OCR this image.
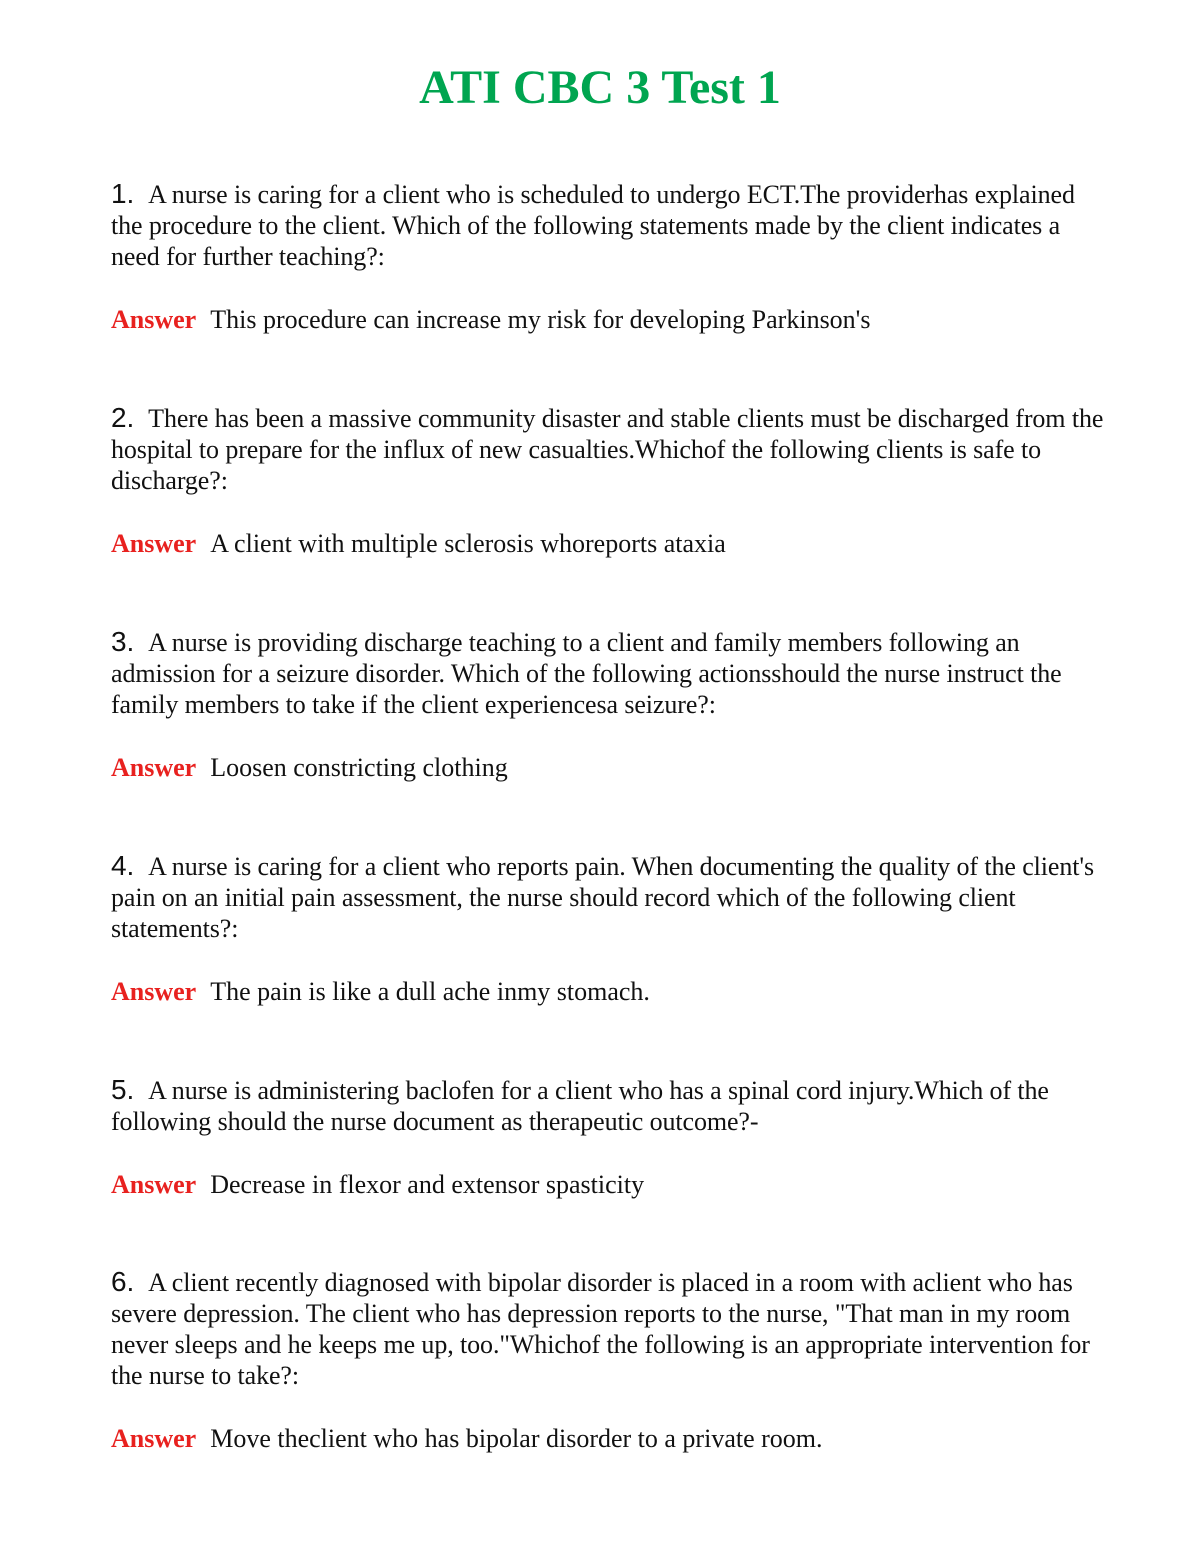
ATI CBC 3 Test 1

1. A nurse is caring for a client who is scheduled to undergo ECT.The providerhas explained the procedure to the client. Which of the following statements made by the client indicates a need for further teaching?:

Answer This procedure can increase my risk for developing Parkinson's

2. There has been a massive community disaster and stable clients must be discharged from the hospital to prepare for the influx of new casualties.Whichof the following clients is safe to discharge?:

Answer A client with multiple sclerosis whoreports ataxia

3. A nurse is providing discharge teaching to a client and family members following an admission for a seizure disorder. Which of the following actionsshould the nurse instruct the family members to take if the client experiencesa seizure?:

Answer Loosen constricting clothing

4. A nurse is caring for a client who reports pain. When documenting the quality of the client's pain on an initial pain assessment, the nurse should record which of the following client statements?:

Answer The pain is like a dull ache inmy stomach.

5. A nurse is administering baclofen for a client who has a spinal cord injury.Which of the following should the nurse document as therapeutic outcome?-

Answer Decrease in flexor and extensor spasticity

6. A client recently diagnosed with bipolar disorder is placed in a room with aclient who has severe depression. The client who has depression reports to the nurse, "That man in my room never sleeps and he keeps me up, too."Whichof the following is an appropriate intervention for the nurse to take?:

Answer Move theclient who has bipolar disorder to a private room.
